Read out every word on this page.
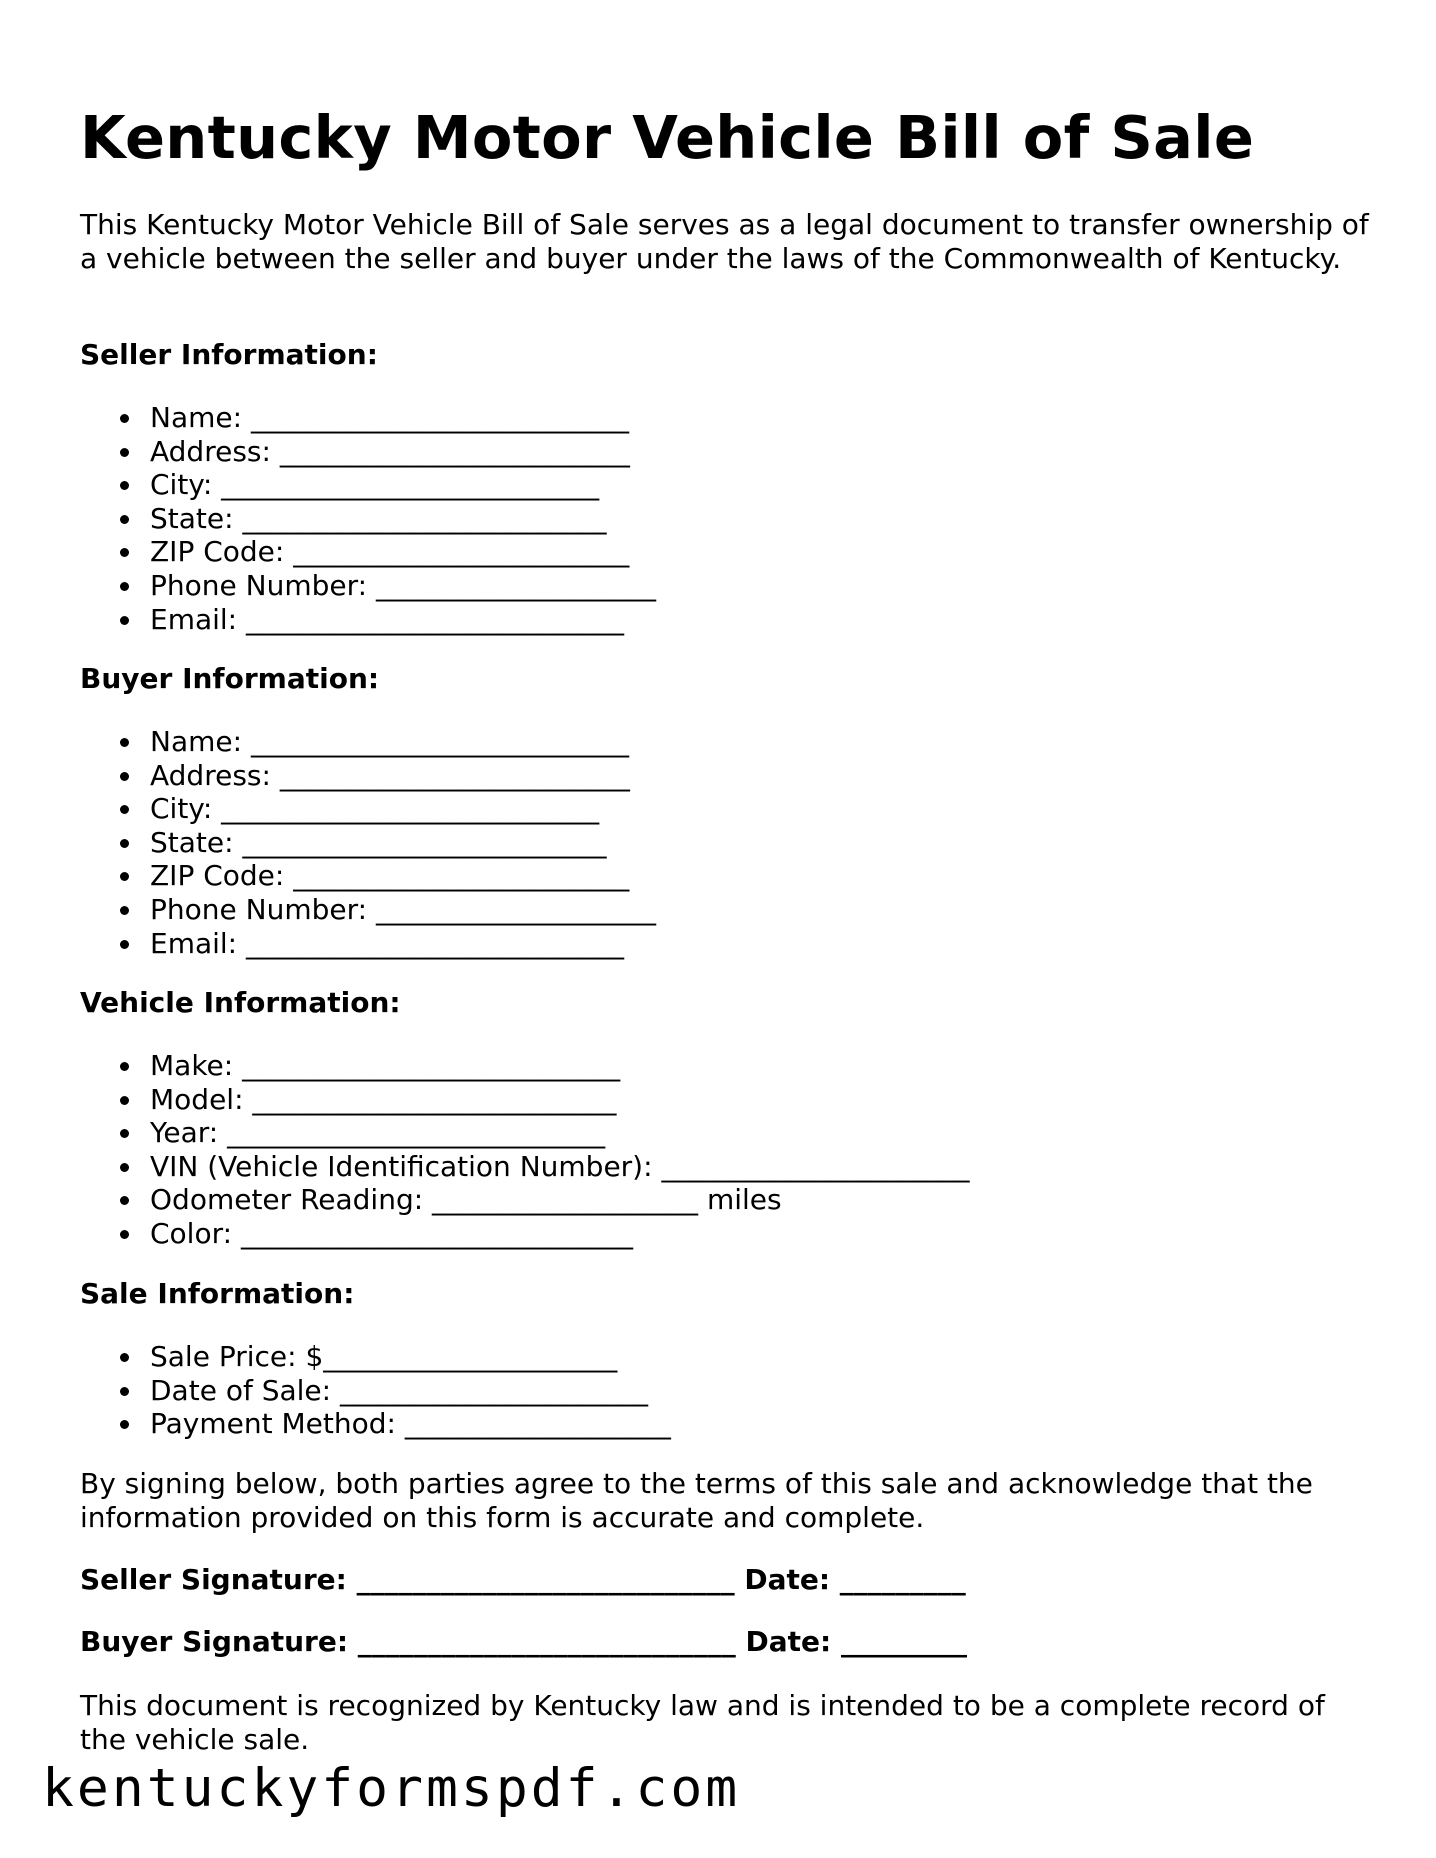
Kentucky Motor Vehicle Bill of Sale

This Kentucky Motor Vehicle Bill of Sale serves as a legal document to transfer ownership of a vehicle between the seller and buyer under the laws of the Commonwealth of Kentucky.

Seller Information:
Name: ___________________________
Address: _________________________
City: ___________________________
State: __________________________
ZIP Code: ________________________
Phone Number: ____________________
Email: ___________________________
Buyer Information:
Name: ___________________________
Address: _________________________
City: ___________________________
State: __________________________
ZIP Code: ________________________
Phone Number: ____________________
Email: ___________________________
Vehicle Information:
Make: ___________________________
Model: __________________________
Year: ___________________________
VIN (Vehicle Identification Number): ______________________
Odometer Reading: ___________________ miles
Color: ____________________________
Sale Information:
Sale Price: $_____________________
Date of Sale: ______________________
Payment Method: ___________________

By signing below, both parties agree to the terms of this sale and acknowledge that the information provided on this form is accurate and complete.

Seller Signature: ___________________________ Date: _________
Buyer Signature: ___________________________ Date: _________

This document is recognized by Kentucky law and is intended to be a complete record of the vehicle sale.

kentuckyformspdf.com
